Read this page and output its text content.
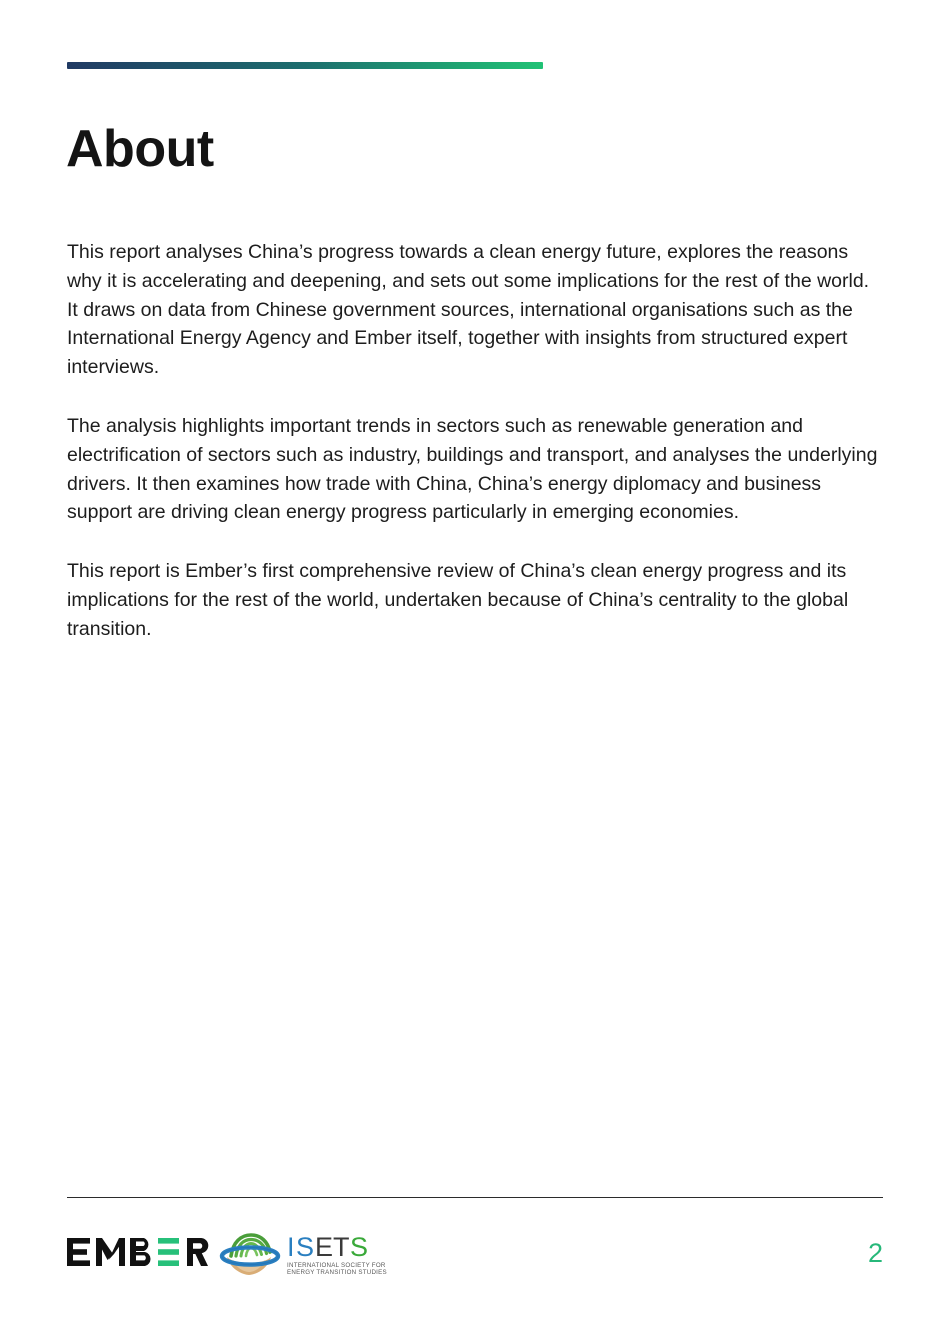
About

This report analyses China’s progress towards a clean energy future, explores the reasons why it is accelerating and deepening, and sets out some implications for the rest of the world. It draws on data from Chinese government sources, international organisations such as the International Energy Agency and Ember itself, together with insights from structured expert interviews.

The analysis highlights important trends in sectors such as renewable generation and electrification of sectors such as industry, buildings and transport, and analyses the underlying drivers. It then examines how trade with China, China’s energy diplomacy and business support are driving clean energy progress particularly in emerging economies.

This report is Ember’s first comprehensive review of China’s clean energy progress and its implications for the rest of the world, undertaken because of China’s centrality to the global transition.

I S E
T S
INTERNATIONAL SOCIETY FOR
ENERGY TRANSITION STUDIES
2
